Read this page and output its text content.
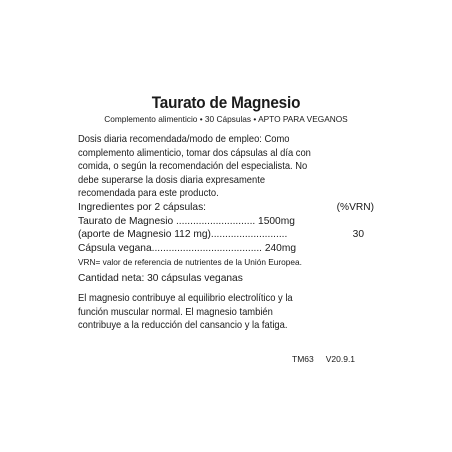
Taurato de Magnesio
Complemento alimenticio • 30 Cápsulas • APTO PARA VEGANOS
Dosis diaria recomendada/modo de empleo: Como
complemento alimenticio, tomar dos cápsulas al día con
comida, o según la recomendación del especialista. No
debe superarse la dosis diaria expresamente
recomendada para este producto.
Ingredientes por 2 cápsulas:	(%VRN)
Taurato de Magnesio ............................ 1500mg
(aporte de Magnesio 112 mg)...........................	30
Cápsula vegana....................................... 240mg
VRN= valor de referencia de nutrientes de la Unión Europea.
Cantidad neta: 30 cápsulas veganas
El magnesio contribuye al equilibrio electrolítico y la
función muscular normal. El magnesio también
contribuye a la reducción del cansancio y la fatiga.
TM63 V20.9.1
